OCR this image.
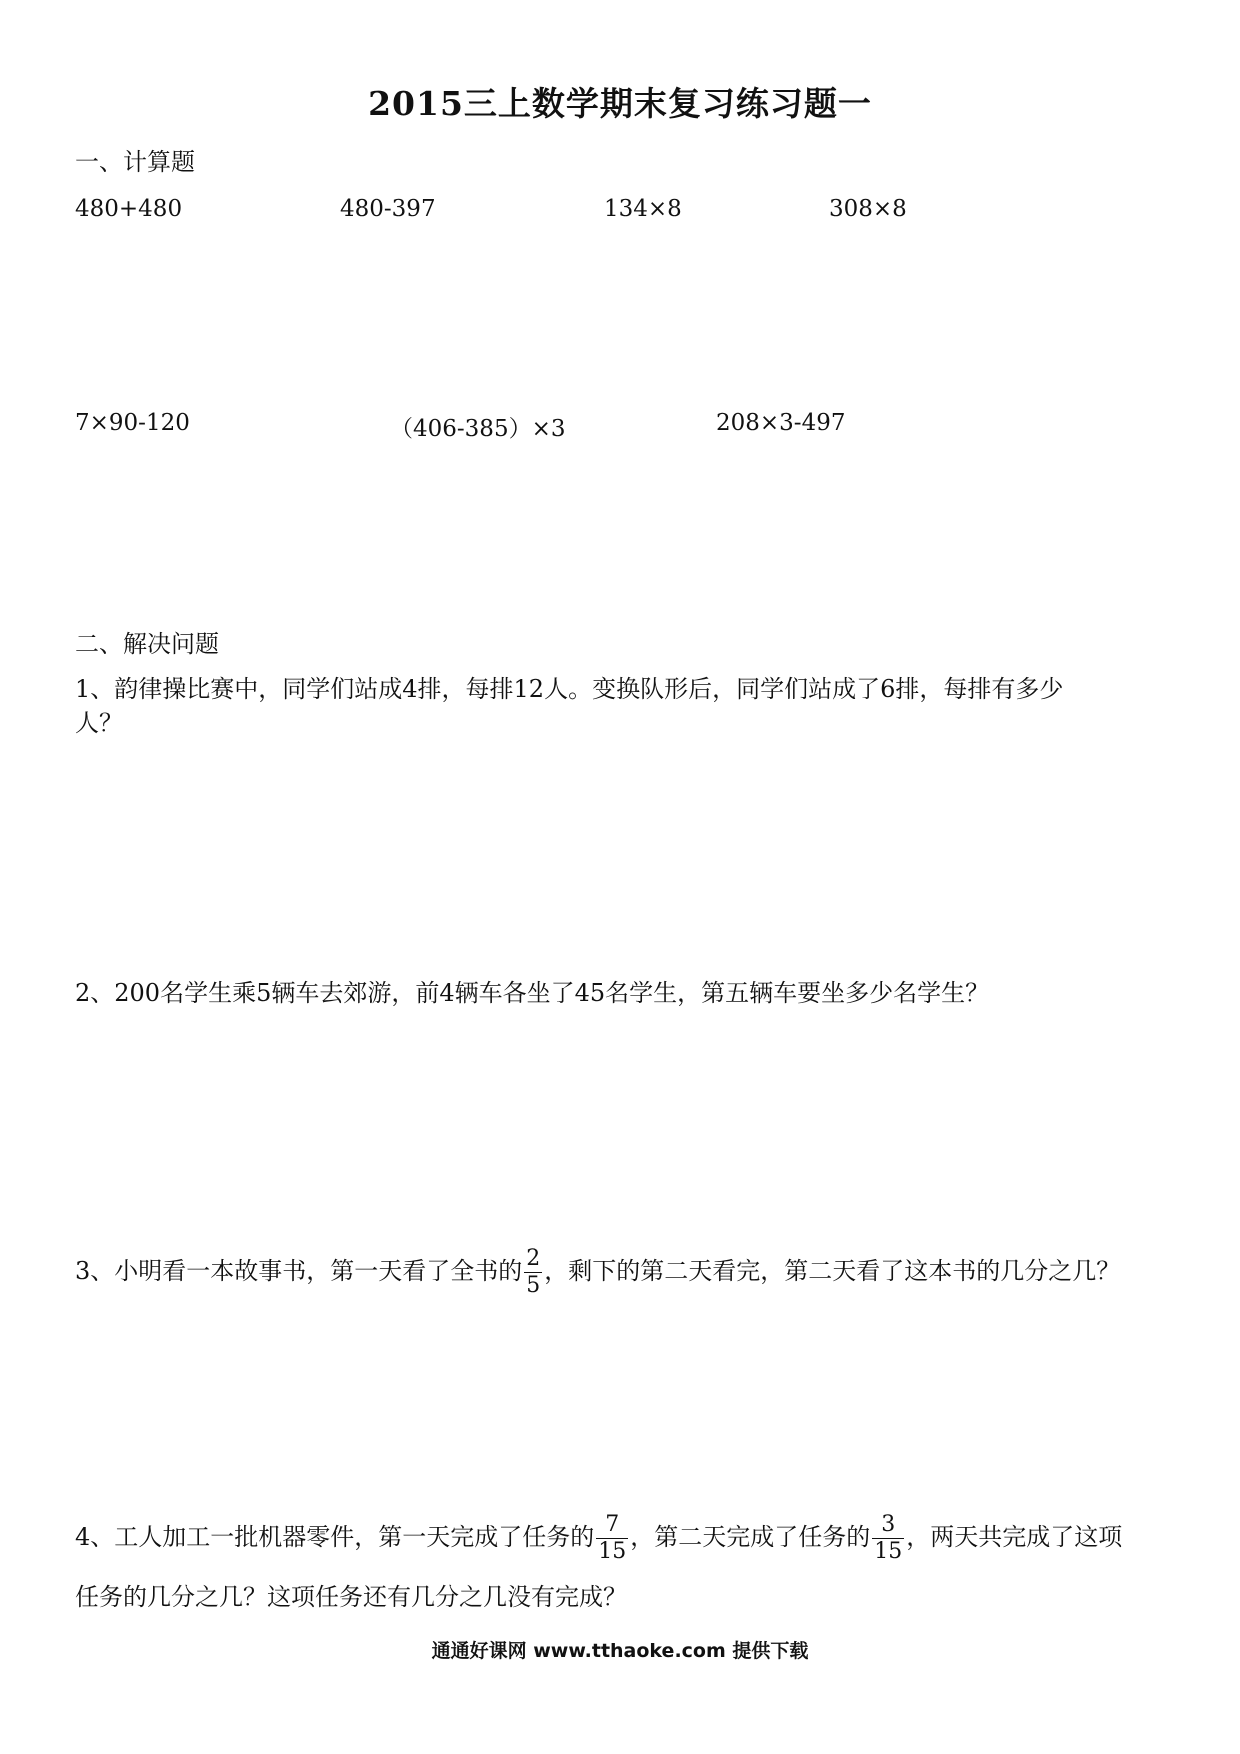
2015三上数学期末复习练习题一
一、计算题
480+480	480-397	134×8	308×8
7×90-120	（406-385）×3	208×3-497
二、解决问题
1、韵律操比赛中，同学们站成4排，每排12人。变换队形后，同学们站成了6排，每排有多少
人？
2、200名学生乘5辆车去郊游，前4辆车各坐了45名学生，第五辆车要坐多少名学生？
3、小明看一本故事书，第一天看了全书的 $\frac{2}{5}$ ，剩下的第二天看完，第二天看了这本书的几分之几？
4、工人加工一批机器零件，第一天完成了任务的 $\frac{7}{15}$ ，第二天完成了任务的 $\frac{3}{15}$ ，两天共完成了这项
任务的几分之几？这项任务还有几分之几没有完成？
通通好课网 www.tthaoke.com 提供下载
